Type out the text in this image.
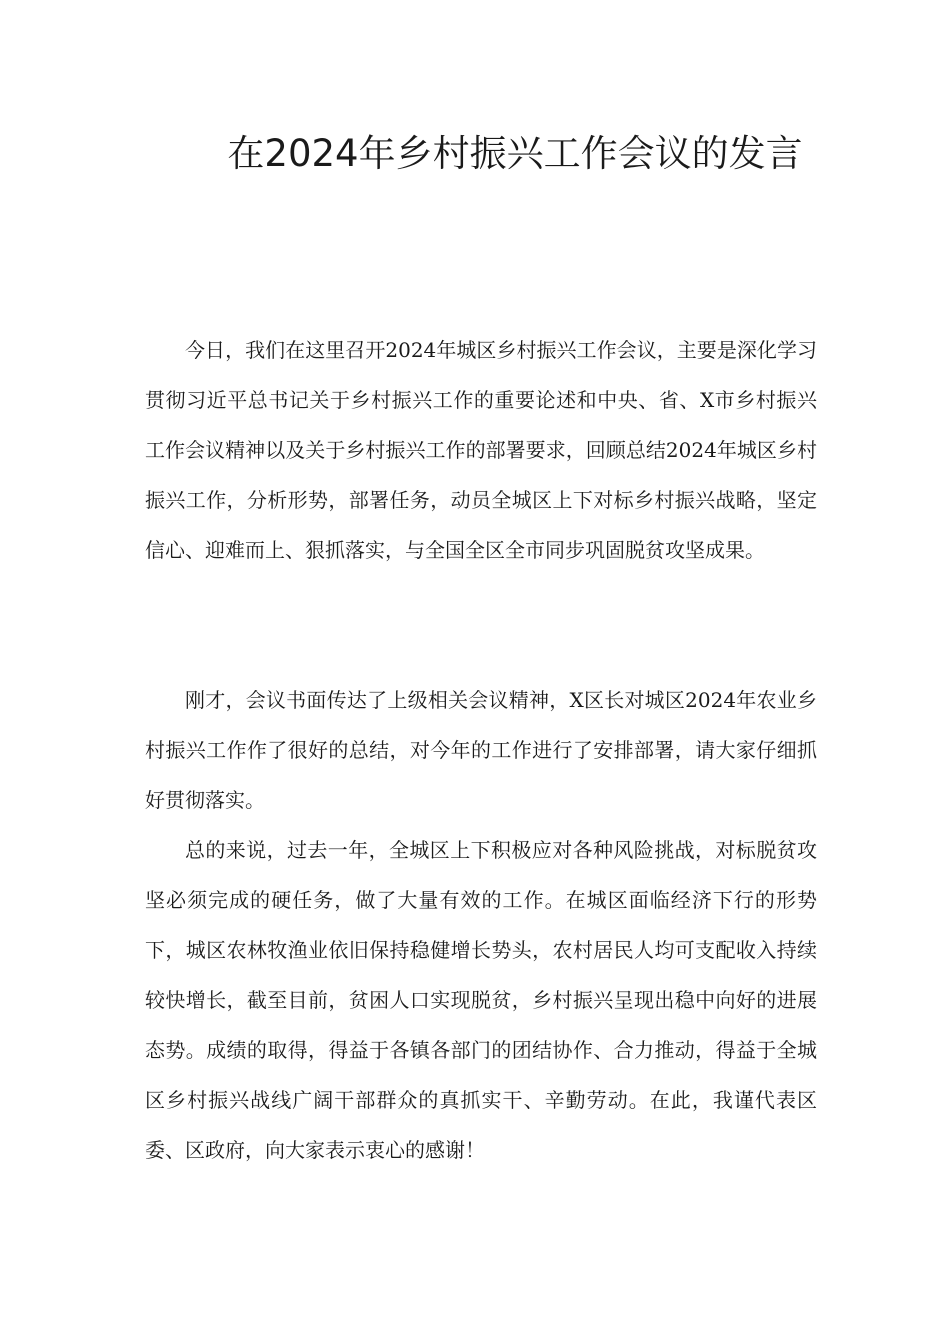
在2024年乡村振兴工作会议的发言

今日，我们在这里召开2024年城区乡村振兴工作会议，主要是深化学习贯彻习近平总书记关于乡村振兴工作的重要论述和中央、省、X市乡村振兴工作会议精神以及关于乡村振兴工作的部署要求，回顾总结2024年城区乡村振兴工作，分析形势，部署任务，动员全城区上下对标乡村振兴战略，坚定信心、迎难而上、狠抓落实，与全国全区全市同步巩固脱贫攻坚成果。

刚才，会议书面传达了上级相关会议精神，X区长对城区2024年农业乡村振兴工作作了很好的总结，对今年的工作进行了安排部署，请大家仔细抓好贯彻落实。

总的来说，过去一年，全城区上下积极应对各种风险挑战，对标脱贫攻坚必须完成的硬任务，做了大量有效的工作。在城区面临经济下行的形势下，城区农林牧渔业依旧保持稳健增长势头，农村居民人均可支配收入持续较快增长，截至目前，贫困人口实现脱贫，乡村振兴呈现出稳中向好的进展态势。成绩的取得，得益于各镇各部门的团结协作、合力推动，得益于全城区乡村振兴战线广阔干部群众的真抓实干、辛勤劳动。在此，我谨代表区委、区政府，向大家表示衷心的感谢！
